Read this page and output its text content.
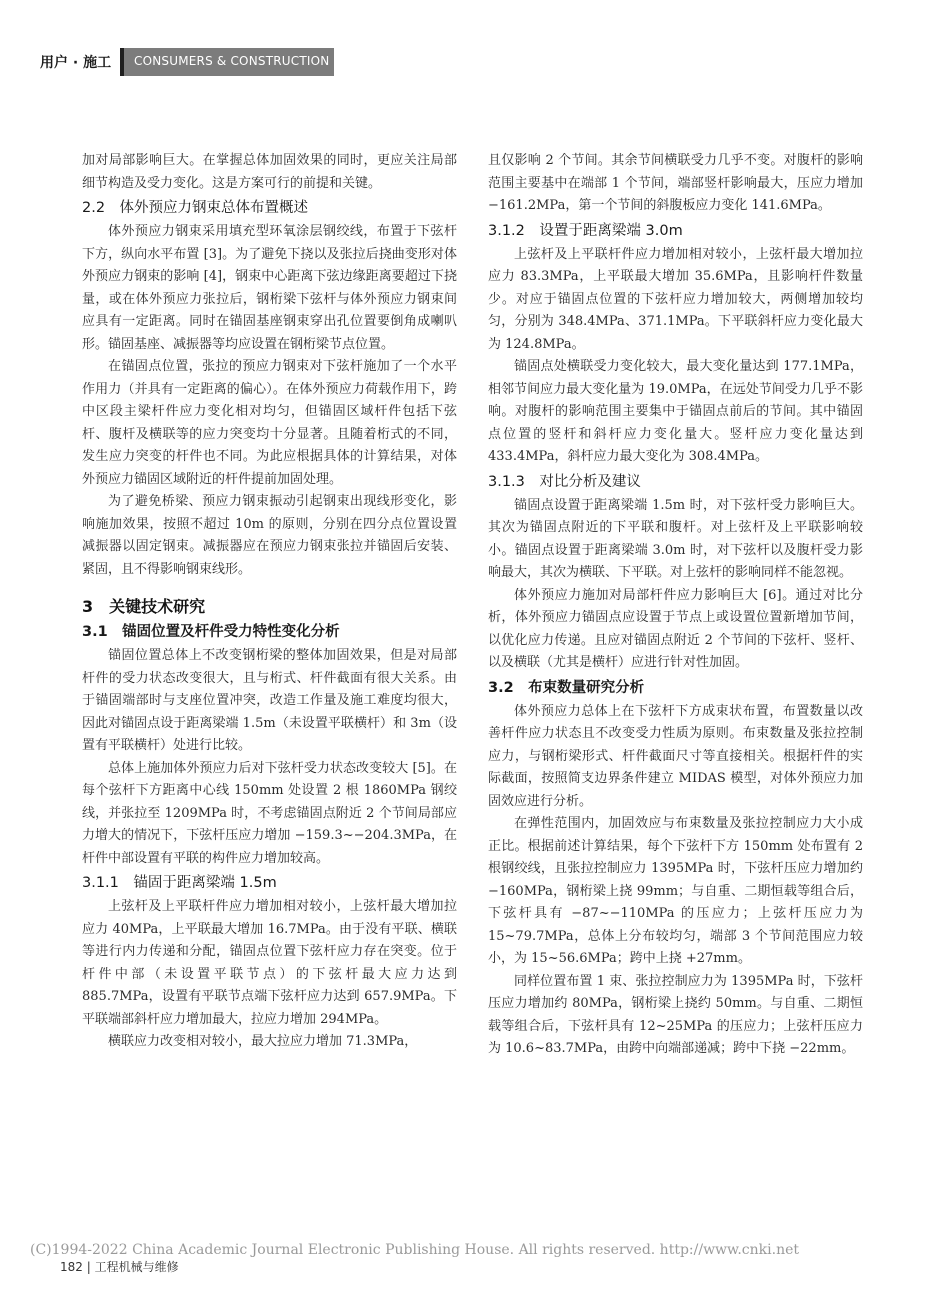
用户 · 施工 CONSUMERS & CONSTRUCTION

加对局部影响巨大。在掌握总体加固效果的同时，更应关注局部细节构造及受力变化。这是方案可行的前提和关键。

2.2　体外预应力钢束总体布置概述

体外预应力钢束采用填充型环氧涂层钢绞线，布置于下弦杆下方，纵向水平布置 [3]。为了避免下挠以及张拉后挠曲变形对体外预应力钢束的影响 [4]，钢束中心距离下弦边缘距离要超过下挠量，或在体外预应力张拉后，钢桁梁下弦杆与体外预应力钢束间应具有一定距离。同时在锚固基座钢束穿出孔位置要倒角成喇叭形。锚固基座、减振器等均应设置在钢桁梁节点位置。

在锚固点位置，张拉的预应力钢束对下弦杆施加了一个水平作用力（并具有一定距离的偏心）。在体外预应力荷载作用下，跨中区段主梁杆件应力变化相对均匀，但锚固区域杆件包括下弦杆、腹杆及横联等的应力突变均十分显著。且随着桁式的不同，发生应力突变的杆件也不同。为此应根据具体的计算结果，对体外预应力锚固区域附近的杆件提前加固处理。

为了避免桥梁、预应力钢束振动引起钢束出现线形变化，影响施加效果，按照不超过 10m 的原则，分别在四分点位置设置减振器以固定钢束。减振器应在预应力钢束张拉并锚固后安装、紧固，且不得影响钢束线形。

3　关键技术研究
3.1　锚固位置及杆件受力特性变化分析

锚固位置总体上不改变钢桁梁的整体加固效果，但是对局部杆件的受力状态改变很大，且与桁式、杆件截面有很大关系。由于锚固端部时与支座位置冲突，改造工作量及施工难度均很大，因此对锚固点设于距离梁端 1.5m（未设置平联横杆）和 3m（设置有平联横杆）处进行比较。

总体上施加体外预应力后对下弦杆受力状态改变较大 [5]。在每个弦杆下方距离中心线 150mm 处设置 2 根 1860MPa 钢绞线，并张拉至 1209MPa 时，不考虑锚固点附近 2 个节间局部应力增大的情况下，下弦杆压应力增加 −159.3~−204.3MPa，在杆件中部设置有平联的构件应力增加较高。

3.1.1　锚固于距离梁端 1.5m

上弦杆及上平联杆件应力增加相对较小，上弦杆最大增加拉应力 40MPa，上平联最大增加 16.7MPa。由于没有平联、横联等进行内力传递和分配，锚固点位置下弦杆应力存在突变。位于杆件中部（未设置平联节点）的下弦杆最大应力达到 885.7MPa，设置有平联节点端下弦杆应力达到 657.9MPa。下平联端部斜杆应力增加最大，拉应力增加 294MPa。

横联应力改变相对较小，最大拉应力增加 71.3MPa，

且仅影响 2 个节间。其余节间横联受力几乎不变。对腹杆的影响范围主要基中在端部 1 个节间，端部竖杆影响最大，压应力增加 −161.2MPa，第一个节间的斜腹板应力变化 141.6MPa。

3.1.2　设置于距离梁端 3.0m

上弦杆及上平联杆件应力增加相对较小，上弦杆最大增加拉应力 83.3MPa，上平联最大增加 35.6MPa，且影响杆件数量少。对应于锚固点位置的下弦杆应力增加较大，两侧增加较均匀，分别为 348.4MPa、371.1MPa。下平联斜杆应力变化最大为 124.8MPa。

锚固点处横联受力变化较大，最大变化量达到 177.1MPa，相邻节间应力最大变化量为 19.0MPa，在远处节间受力几乎不影响。对腹杆的影响范围主要集中于锚固点前后的节间。其中锚固点位置的竖杆和斜杆应力变化量大。竖杆应力变化量达到 433.4MPa，斜杆应力最大变化为 308.4MPa。

3.1.3　对比分析及建议

锚固点设置于距离梁端 1.5m 时，对下弦杆受力影响巨大。其次为锚固点附近的下平联和腹杆。对上弦杆及上平联影响较小。锚固点设置于距离梁端 3.0m 时，对下弦杆以及腹杆受力影响最大，其次为横联、下平联。对上弦杆的影响同样不能忽视。

体外预应力施加对局部杆件应力影响巨大 [6]。通过对比分析，体外预应力锚固点应设置于节点上或设置位置新增加节间，以优化应力传递。且应对锚固点附近 2 个节间的下弦杆、竖杆、以及横联（尤其是横杆）应进行针对性加固。

3.2　布束数量研究分析

体外预应力总体上在下弦杆下方成束状布置，布置数量以改善杆件应力状态且不改变受力性质为原则。布束数量及张拉控制应力，与钢桁梁形式、杆件截面尺寸等直接相关。根据杆件的实际截面，按照简支边界条件建立 MIDAS 模型，对体外预应力加固效应进行分析。

在弹性范围内，加固效应与布束数量及张拉控制应力大小成正比。根据前述计算结果，每个下弦杆下方 150mm 处布置有 2 根钢绞线，且张拉控制应力 1395MPa 时，下弦杆压应力增加约 −160MPa，钢桁梁上挠 99mm；与自重、二期恒载等组合后，下弦杆具有 −87~−110MPa 的压应力；上弦杆压应力为 15~79.7MPa，总体上分布较均匀，端部 3 个节间范围应力较小，为 15~56.6MPa；跨中上挠 +27mm。

同样位置布置 1 束、张拉控制应力为 1395MPa 时，下弦杆压应力增加约 80MPa，钢桁梁上挠约 50mm。与自重、二期恒载等组合后，下弦杆具有 12~25MPa 的压应力；上弦杆压应力为 10.6~83.7MPa，由跨中向端部递减；跨中下挠 −22mm。

(C)1994-2022 China Academic Journal Electronic Publishing House. All rights reserved. http://www.cnki.net
182 | 工程机械与维修
